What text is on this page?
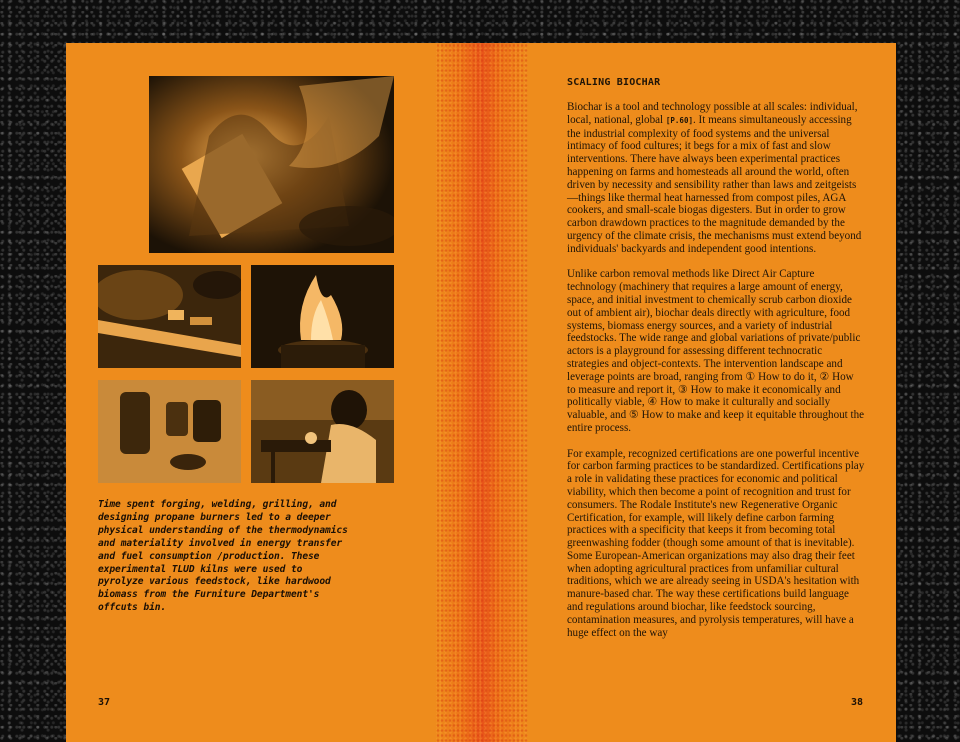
Time spent forging, welding, grilling, and designing propane burners led to a deeper physical understanding of the thermodynamics and materiality involved in energy transfer and fuel consumption /production. These experimental TLUD kilns were used to pyrolyze various feedstock, like hardwood biomass from the Furniture Department's offcuts bin.
37
SCALING BIOCHAR

Biochar is a tool and technology possible at all scales: individual, local, national, global [P.60]. It means simultaneously accessing the industrial complexity of food systems and the universal intimacy of food cultures; it begs for a mix of fast and slow interventions. There have always been experimental practices happening on farms and homesteads all around the world, often driven by necessity and sensibility rather than laws and zeitgeists—things like thermal heat harnessed from compost piles, AGA cookers, and small-scale biogas digesters. But in order to grow carbon drawdown practices to the magnitude demanded by the urgency of the climate crisis, the mechanisms must extend beyond individuals' backyards and independent good intentions.

Unlike carbon removal methods like Direct Air Capture technology (machinery that requires a large amount of energy, space, and initial investment to chemically scrub carbon dioxide out of ambient air), biochar deals directly with agriculture, food systems, biomass energy sources, and a variety of industrial feedstocks. The wide range and global variations of private/public actors is a playground for assessing different technocratic strategies and object-contexts. The intervention landscape and leverage points are broad, ranging from ① How to do it, ② How to measure and report it, ③ How to make it economically and politically viable, ④ How to make it culturally and socially valuable, and ⑤ How to make and keep it equitable throughout the entire process.

For example, recognized certifications are one powerful incentive for carbon farming practices to be standardized. Certifications play a role in validating these practices for economic and political viability, which then become a point of recognition and trust for consumers. The Rodale Institute's new Regenerative Organic Certification, for example, will likely define carbon farming practices with a specificity that keeps it from becoming total greenwashing fodder (though some amount of that is inevitable). Some European-American organizations may also drag their feet when adopting agricultural practices from unfamiliar cultural traditions, which we are already seeing in USDA's hesitation with manure-based char. The way these certifications build language and regulations around biochar, like feedstock sourcing, contamination measures, and pyrolysis temperatures, will have a huge effect on the way

38
